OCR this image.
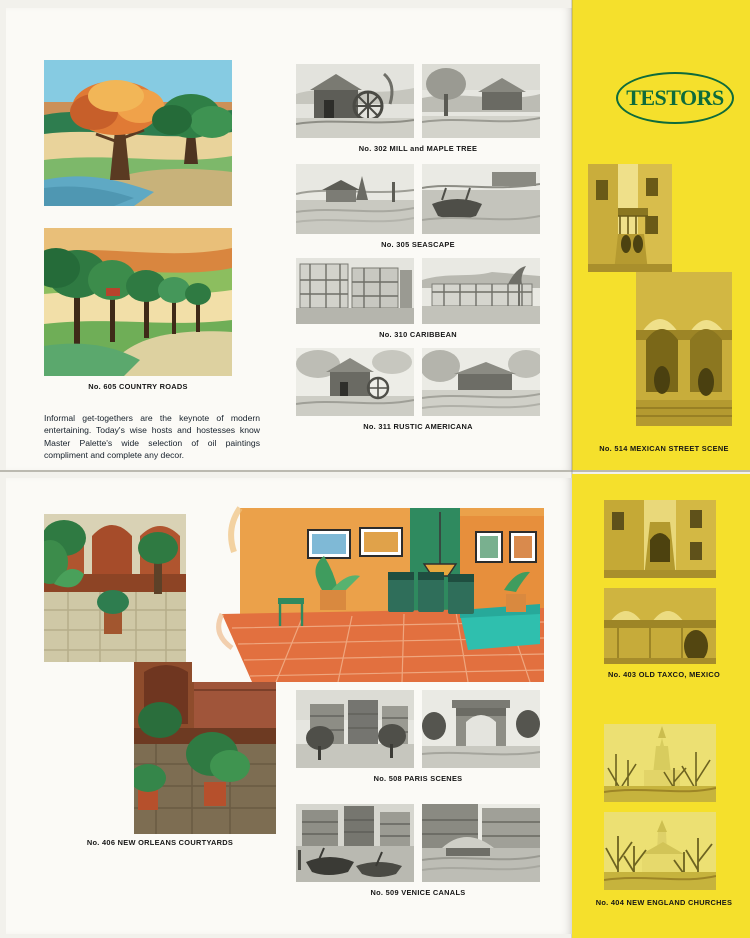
No. 605 COUNTRY ROADS
Informal get-togethers are the keynote of modern entertaining. Today's wise hosts and hostesses know Master Palette's wide selection of oil paintings compliment and complete any decor.
No. 302 MILL and MAPLE TREE
No. 305 SEASCAPE
No. 310 CARIBBEAN
No. 311 RUSTIC AMERICANA
TESTORS
No. 514 MEXICAN STREET SCENE
No. 406 NEW ORLEANS COURTYARDS
No. 508 PARIS SCENES
No. 509 VENICE CANALS
No. 403 OLD TAXCO, MEXICO
No. 404 NEW ENGLAND CHURCHES
